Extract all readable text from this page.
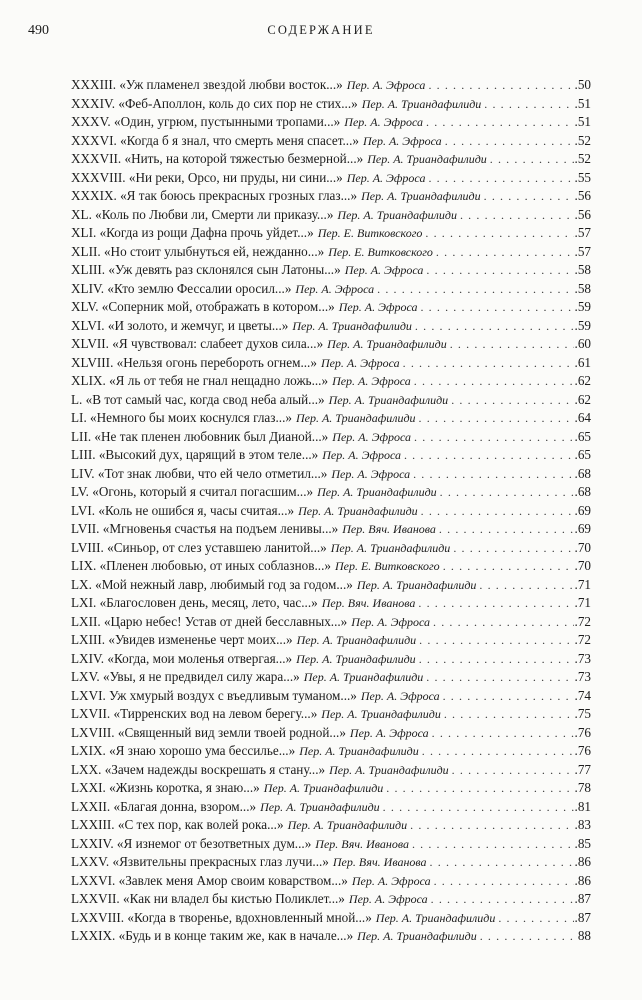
490	СОДЕРЖАНИЕ
XXXIII. «Уж пламенел звездой любви восток...» Пер. А. Эфроса . . .	.50
XXXIV. «Феб-Аполлон, коль до сих пор не стих...» Пер. А. Триандафилиди . . .	.51
XXXV. «Один, угрюм, пустынными тропами...» Пер. А. Эфроса . . .	.51
XXXVI. «Когда б я знал, что смерть меня спасет...» Пер. А. Эфроса . . .	.52
XXXVII. «Нить, на которой тяжестью безмерной...» Пер. А. Триандафилиди . . .	.52
XXXVIII. «Ни реки, Орсо, ни пруды, ни сини...» Пер. А. Эфроса . . .	.55
XXXIX. «Я так боюсь прекрасных грозных глаз...» Пер. А. Триандафилиди . . .	.56
XL. «Коль по Любви ли, Смерти ли приказу...» Пер. А. Триандафилиди . . .	.56
XLI. «Когда из рощи Дафна прочь уйдет...» Пер. Е. Витковского . . .	.57
XLII. «Но стоит улыбнуться ей, нежданно...» Пер. Е. Витковского . . .	.57
XLIII. «Уж девять раз склонялся сын Латоны...» Пер. А. Эфроса . . .	.58
XLIV. «Кто землю Фессалии оросил...» Пер. А. Эфроса . . .	.58
XLV. «Соперник мой, отображать в котором...» Пер. А. Эфроса . . .	.59
XLVI. «И золото, и жемчуг, и цветы...» Пер. А. Триандафилиди . . .	.59
XLVII. «Я чувствовал: слабеет духов сила...» Пер. А. Триандафилиди . . .	.60
XLVIII. «Нельзя огонь перебороть огнем...» Пер. А. Эфроса . . .	.61
XLIX. «Я ль от тебя не гнал нещадно ложь...» Пер. А. Эфроса . . .	.62
L. «В тот самый час, когда свод неба алый...» Пер. А. Триандафилиди . . .	.62
LI. «Немного бы моих коснулся глаз...» Пер. А. Триандафилиди . . .	.64
LII. «Не так пленен любовник был Дианой...» Пер. А. Эфроса . . .	.65
LIII. «Высокий дух, царящий в этом теле...» Пер. А. Эфроса . . .	.65
LIV. «Тот знак любви, что ей чело отметил...» Пер. А. Эфроса . . .	.68
LV. «Огонь, который я считал погасшим...» Пер. А. Триандафилиди . . .	.68
LVI. «Коль не ошибся я, часы считая...» Пер. А. Триандафилиди . . .	.69
LVII. «Мгновенья счастья на подъем ленивы...» Пер. Вяч. Иванова . . .	.69
LVIII. «Синьор, от слез уставшею ланитой...» Пер. А. Триандафилиди . . .	.70
LIX. «Пленен любовью, от иных соблазнов...» Пер. Е. Витковского . . .	.70
LX. «Мой нежный лавр, любимый год за годом...» Пер. А. Триандафилиди . . .	.71
LXI. «Благословен день, месяц, лето, час...» Пер. Вяч. Иванова . . .	.71
LXII. «Царю небес! Устав от дней бесславных...» Пер. А. Эфроса . . .	.72
LXIII. «Увидев измененье черт моих...» Пер. А. Триандафилиди . . .	.72
LXIV. «Когда, мои моленья отвергая...» Пер. А. Триандафилиди . . .	.73
LXV. «Увы, я не предвидел силу жара...» Пер. А. Триандафилиди . . .	.73
LXVI. Уж хмурый воздух с въедливым туманом...» Пер. А. Эфроса . . .	.74
LXVII. «Тирренских вод на левом берегу...» Пер. А. Триандафилиди . . .	.75
LXVIII. «Священный вид земли твоей родной...» Пер. А. Эфроса . . .	.76
LXIX. «Я знаю хорошо ума бессилье...» Пер. А. Триандафилиди . . .	.76
LXX. «Зачем надежды воскрешать я стану...» Пер. А. Триандафилиди . . .	.77
LXXI. «Жизнь коротка, я знаю...» Пер. А. Триандафилиди . . .	.78
LXXII. «Благая донна, взором...» Пер. А. Триандафилиди . . .	.81
LXXIII. «С тех пор, как волей рока...» Пер. А. Триандафилиди . . .	.83
LXXIV. «Я изнемог от безответных дум...» Пер. Вяч. Иванова . . .	.85
LXXV. «Язвительны прекрасных глаз лучи...» Пер. Вяч. Иванова . . .	.86
LXXVI. «Завлек меня Амор своим коварством...» Пер. А. Эфроса . . .	.86
LXXVII. «Как ни владел бы кистью Поликлет...» Пер. А. Эфроса . . .	.87
LXXVIII. «Когда в творенье, вдохновленный мной...» Пер. А. Триандафилиди . . .	.87
LXXIX. «Будь и в конце таким же, как в начале...» Пер. А. Триандафилиди . . .	88
